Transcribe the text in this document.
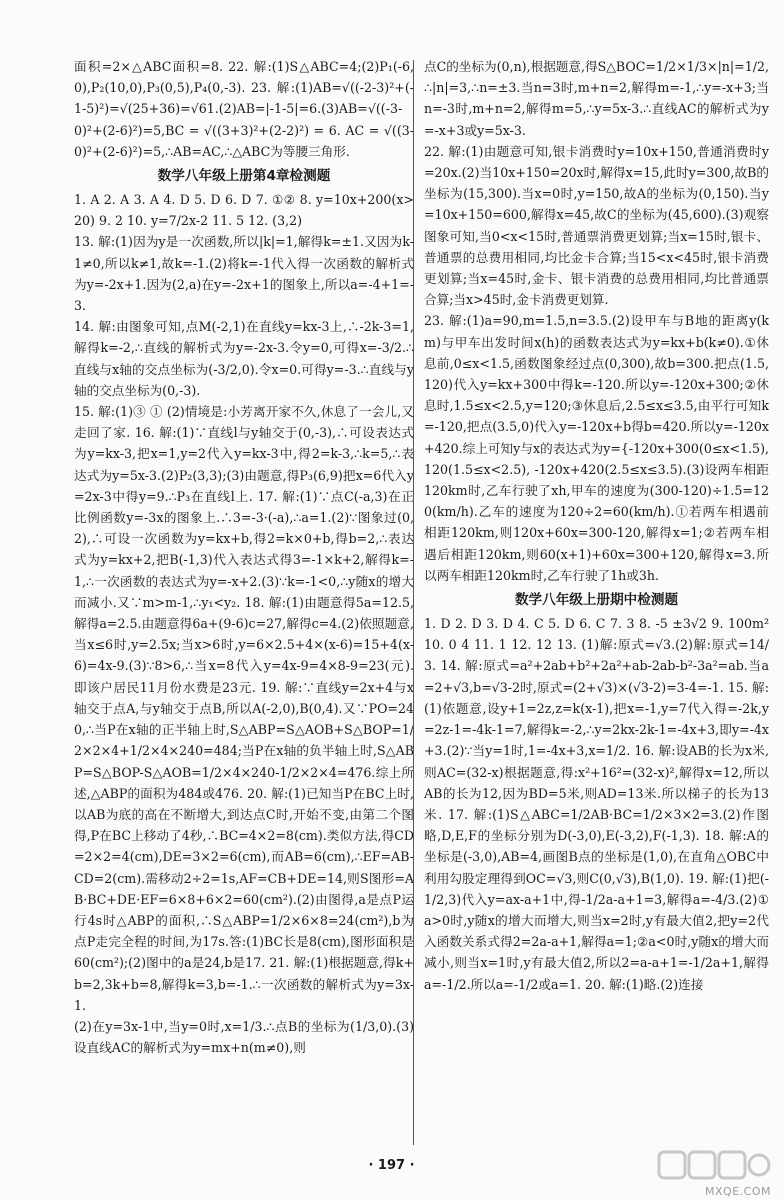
面积=2×△ABC面积=8. 22. 解:(1)S△ABC=4;(2)P₁(-6,0),P₂(10,0),P₃(0,5),P₄(0,-3). 23. 解:(1)AB=√((-2-3)²+(-1-5)²)=√(25+36)=√61.(2)AB=|-1-5|=6.(3)AB=√((-3-0)²+(2-6)²)=5,BC = √((3+3)²+(2-2)²) = 6. AC = √((3-0)²+(2-6)²)=5,∴AB=AC,∴△ABC为等腰三角形.

数学八年级上册第4章检测题

1. A 2. A 3. A 4. D 5. D 6. D 7. ①② 8. y=10x+200(x>20) 9. 2 10. y=7/2x-2 11. 5 12. (3,2)

13. 解:(1)因为y是一次函数,所以|k|=1,解得k=±1.又因为k-1≠0,所以k≠1,故k=-1.(2)将k=-1代入得一次函数的解析式为y=-2x+1.因为(2,a)在y=-2x+1的图象上,所以a=-4+1=-3.

14. 解:由图象可知,点M(-2,1)在直线y=kx-3上,∴-2k-3=1,解得k=-2,∴直线的解析式为y=-2x-3.令y=0,可得x=-3/2.∴直线与x轴的交点坐标为(-3/2,0).令x=0.可得y=-3.∴直线与y轴的交点坐标为(0,-3).

15. 解:(1)③ ① (2)情境是:小芳离开家不久,休息了一会儿,又走回了家. 16. 解:(1)∵直线l与y轴交于(0,-3),∴可设表达式为y=kx-3,把x=1,y=2代入y=kx-3中,得2=k-3,∴k=5,∴表达式为y=5x-3.(2)P₂(3,3);(3)由题意,得P₃(6,9)把x=6代入y=2x-3中得y=9.∴P₃在直线l上. 17. 解:(1)∵点C(-a,3)在正比例函数y=-3x的图象上.∴3=-3·(-a),∴a=1.(2)∵图象过(0,2),∴可设一次函数为y=kx+b,得2=k×0+b,得b=2,∴表达式为y=kx+2,把B(-1,3)代入表达式得3=-1×k+2,解得k=-1,∴一次函数的表达式为y=-x+2.(3)∵k=-1<0,∴y随x的增大而减小.又∵m>m-1,∴y₁<y₂. 18. 解:(1)由题意得5a=12.5,解得a=2.5.由题意得6a+(9-6)c=27,解得c=4.(2)依照题意,当x≤6时,y=2.5x;当x>6时,y=6×2.5+4×(x-6)=15+4(x-6)=4x-9.(3)∵8>6,∴当x=8代入y=4x-9=4×8-9=23(元).即该户居民11月份水费是23元. 19. 解:∵直线y=2x+4与x轴交于点A,与y轴交于点B,所以A(-2,0),B(0,4).又∵PO=240,∴当P在x轴的正半轴上时,S△ABP=S△AOB+S△BOP=1/2×2×4+1/2×4×240=484;当P在x轴的负半轴上时,S△ABP=S△BOP-S△AOB=1/2×4×240-1/2×2×4=476.综上所述,△ABP的面积为484或476. 20. 解:(1)已知当P在BC上时,以AB为底的高在不断增大,到达点C时,开始不变,由第二个图得,P在BC上移动了4秒,∴BC=4×2=8(cm).类似方法,得CD=2×2=4(cm),DE=3×2=6(cm),而AB=6(cm),∴EF=AB-CD=2(cm).需移动2÷2=1s,AF=CB+DE=14,则S图形=AB·BC+DE·EF=6×8+6×2=60(cm²).(2)由图得,a是点P运行4s时△ABP的面积,∴S△ABP=1/2×6×8=24(cm²),b为点P走完全程的时间,为17s.答:(1)BC长是8(cm),图形面积是60(cm²);(2)图中的a是24,b是17. 21. 解:(1)根据题意,得k+b=2,3k+b=8,解得k=3,b=-1.∴一次函数的解析式为y=3x-1.

(2)在y=3x-1中,当y=0时,x=1/3.∴点B的坐标为(1/3,0).(3)设直线AC的解析式为y=mx+n(m≠0),则

点C的坐标为(0,n),根据题意,得S△BOC=1/2×1/3×|n|=1/2,∴|n|=3,∴n=±3.当n=3时,m+n=2,解得m=-1,∴y=-x+3;当n=-3时,m+n=2,解得m=5,∴y=5x-3.∴直线AC的解析式为y=-x+3或y=5x-3.

22. 解:(1)由题意可知,银卡消费时y=10x+150,普通消费时y=20x.(2)当10x+150=20x时,解得x=15,此时y=300,故B的坐标为(15,300).当x=0时,y=150,故A的坐标为(0,150).当y=10x+150=600,解得x=45,故C的坐标为(45,600).(3)观察图象可知,当0<x<15时,普通票消费更划算;当x=15时,银卡、普通票的总费用相同,均比金卡合算;当15<x<45时,银卡消费更划算;当x=45时,金卡、银卡消费的总费用相同,均比普通票合算;当x>45时,金卡消费更划算.

23. 解:(1)a=90,m=1.5,n=3.5.(2)设甲车与B地的距离y(km)与甲车出发时间x(h)的函数表达式为y=kx+b(k≠0).①休息前,0≤x<1.5,函数图象经过点(0,300),故b=300.把点(1.5,120)代入y=kx+300中得k=-120.所以y=-120x+300;②休息时,1.5≤x<2.5,y=120;③休息后,2.5≤x≤3.5,由平行可知k=-120,把点(3.5,0)代入y=-120x+b得b=420.所以y=-120x+420.综上可知y与x的表达式为y={-120x+300(0≤x<1.5), 120(1.5≤x<2.5), -120x+420(2.5≤x≤3.5).(3)设两车相距120km时,乙车行驶了xh,甲车的速度为(300-120)÷1.5=120(km/h).乙车的速度为120÷2=60(km/h).①若两车相遇前相距120km,则120x+60x=300-120,解得x=1;②若两车相遇后相距120km,则60(x+1)+60x=300+120,解得x=3.所以两车相距120km时,乙车行驶了1h或3h.

数学八年级上册期中检测题

1. D 2. D 3. D 4. C 5. D 6. C 7. 3 8. -5 ±3√2 9. 100m² 10. 0 4 11. 1 12. 12 13. (1)解:原式=√3.(2)解:原式=14/3. 14. 解:原式=a²+2ab+b²+2a²+ab-2ab-b²-3a²=ab.当a=2+√3,b=√3-2时,原式=(2+√3)×(√3-2)=3-4=-1. 15. 解:(1)依题意,设y+1=2z,z=k(x-1),把x=-1,y=7代入得=-2k,y=2z-1=-4k-1=7,解得k=-2,∴y=2kx-2k-1=-4x+3,即y=-4x+3.(2)∵当y=1时,1=-4x+3,x=1/2. 16. 解:设AB的长为x米,则AC=(32-x)根据题意,得:x²+16²=(32-x)²,解得x=12,所以AB的长为12,因为BD=5米,则AD=13米.所以梯子的长为13米. 17. 解:(1)S△ABC=1/2AB·BC=1/2×3×2=3.(2)作图略,D,E,F的坐标分别为D(-3,0),E(-3,2),F(-1,3). 18. 解:A的坐标是(-3,0),AB=4,画图B点的坐标是(1,0),在直角△OBC中利用勾股定理得到OC=√3,则C(0,√3),B(1,0). 19. 解:(1)把(-1/2,3)代入y=ax-a+1中,得-1/2a-a+1=3,解得a=-4/3.(2)①a>0时,y随x的增大而增大,则当x=2时,y有最大值2,把y=2代入函数关系式得2=2a-a+1,解得a=1;②a<0时,y随x的增大而减小,则当x=1时,y有最大值2,所以2=a-a+1=-1/2a+1,解得a=-1/2.所以a=-1/2或a=1. 20. 解:(1)略.(2)连接

· 197 ·
MXQE.COM
